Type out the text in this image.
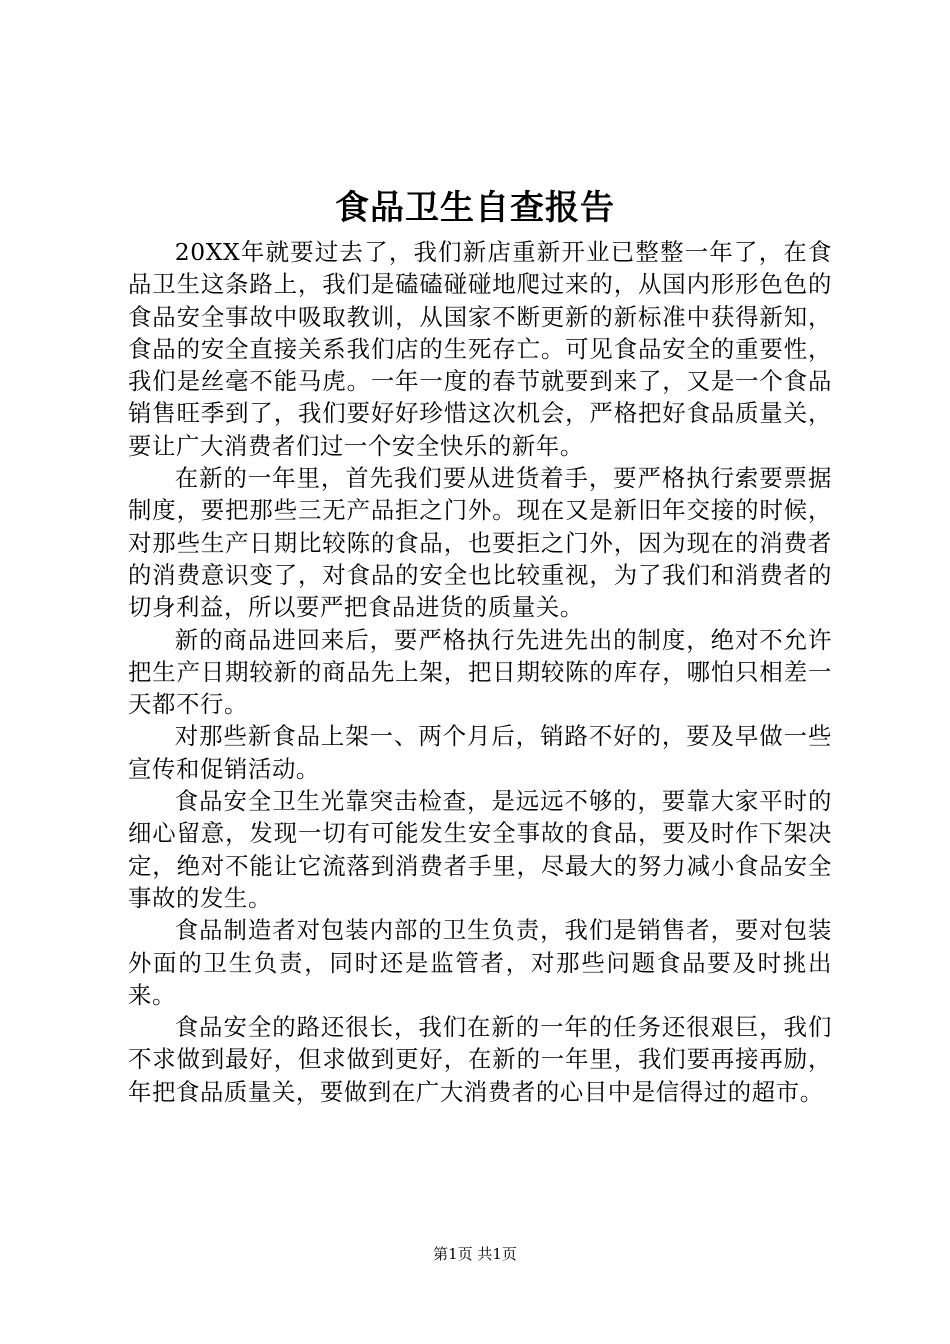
食品卫生自查报告

20XX年就要过去了，我们新店重新开业已整整一年了，在食品卫生这条路上，我们是磕磕碰碰地爬过来的，从国内形形色色的食品安全事故中吸取教训，从国家不断更新的新标准中获得新知，食品的安全直接关系我们店的生死存亡。可见食品安全的重要性，我们是丝毫不能马虎。一年一度的春节就要到来了，又是一个食品销售旺季到了，我们要好好珍惜这次机会，严格把好食品质量关，要让广大消费者们过一个安全快乐的新年。

在新的一年里，首先我们要从进货着手，要严格执行索要票据制度，要把那些三无产品拒之门外。现在又是新旧年交接的时候，对那些生产日期比较陈的食品，也要拒之门外，因为现在的消费者的消费意识变了，对食品的安全也比较重视，为了我们和消费者的切身利益，所以要严把食品进货的质量关。

新的商品进回来后，要严格执行先进先出的制度，绝对不允许把生产日期较新的商品先上架，把日期较陈的库存，哪怕只相差一天都不行。

对那些新食品上架一、两个月后，销路不好的，要及早做一些宣传和促销活动。

食品安全卫生光靠突击检查，是远远不够的，要靠大家平时的细心留意，发现一切有可能发生安全事故的食品，要及时作下架决定，绝对不能让它流落到消费者手里，尽最大的努力减小食品安全事故的发生。

食品制造者对包装内部的卫生负责，我们是销售者，要对包装外面的卫生负责，同时还是监管者，对那些问题食品要及时挑出来。

食品安全的路还很长，我们在新的一年的任务还很艰巨，我们不求做到最好，但求做到更好，在新的一年里，我们要再接再励，年把食品质量关，要做到在广大消费者的心目中是信得过的超市。

第1页 共1页
